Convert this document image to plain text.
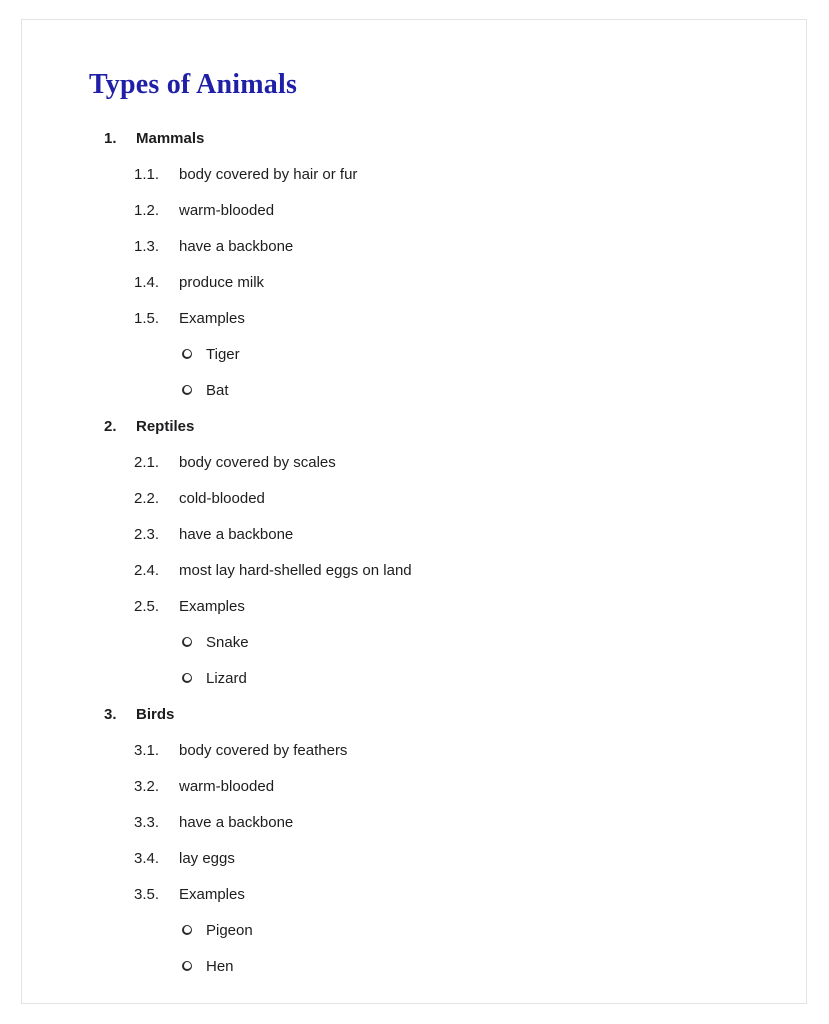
Types of Animals
1.	Mammals
1.1.	body covered by hair or fur
1.2.	warm-blooded
1.3.	have a backbone
1.4.	produce milk
1.5.	Examples
Tiger
Bat
2.	Reptiles
2.1.	body covered by scales
2.2.	cold-blooded
2.3.	have a backbone
2.4.	most lay hard-shelled eggs on land
2.5.	Examples
Snake
Lizard
3.	Birds
3.1.	body covered by feathers
3.2.	warm-blooded
3.3.	have a backbone
3.4.	lay eggs
3.5.	Examples
Pigeon
Hen
